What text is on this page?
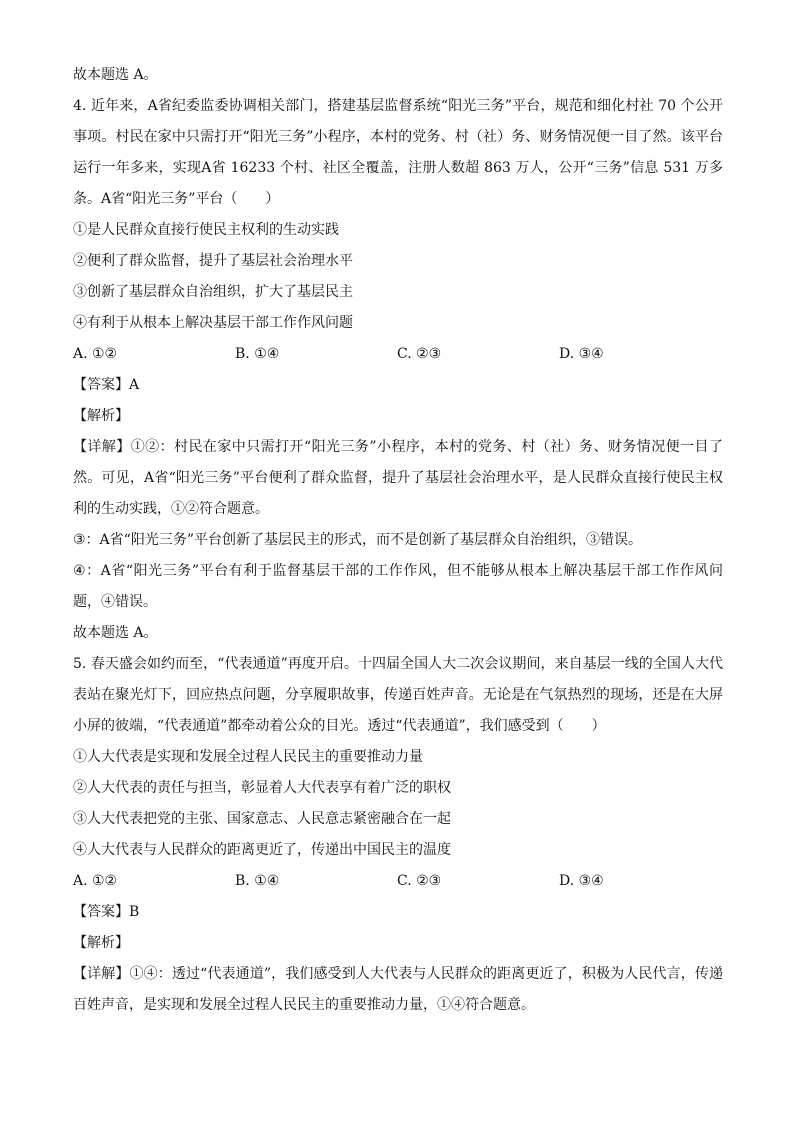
故本题选 A。
4. 近年来，A省纪委监委协调相关部门，搭建基层监督系统“阳光三务”平台，规范和细化村社 70 个公开事项。村民在家中只需打开“阳光三务”小程序，本村的党务、村（社）务、财务情况便一目了然。该平台运行一年多来，实现A省 16233 个村、社区全覆盖，注册人数超 863 万人，公开“三务”信息 531 万多条。A省“阳光三务”平台（　　）
①是人民群众直接行使民主权利的生动实践
②便利了群众监督，提升了基层社会治理水平
③创新了基层群众自治组织，扩大了基层民主
④有利于从根本上解决基层干部工作作风问题
A. ①②	B. ①④	C. ②③	D. ③④
【答案】A
【解析】
【详解】①②：村民在家中只需打开“阳光三务”小程序，本村的党务、村（社）务、财务情况便一目了然。可见，A省“阳光三务”平台便利了群众监督，提升了基层社会治理水平，是人民群众直接行使民主权利的生动实践，①②符合题意。
③：A省“阳光三务”平台创新了基层民主的形式，而不是创新了基层群众自治组织，③错误。
④：A省“阳光三务”平台有利于监督基层干部的工作作风，但不能够从根本上解决基层干部工作作风问题，④错误。
故本题选 A。
5. 春天盛会如约而至，“代表通道”再度开启。十四届全国人大二次会议期间，来自基层一线的全国人大代表站在聚光灯下，回应热点问题，分享履职故事，传递百姓声音。无论是在气氛热烈的现场，还是在大屏小屏的彼端，“代表通道”都牵动着公众的目光。透过“代表通道”，我们感受到（　　）
①人大代表是实现和发展全过程人民民主的重要推动力量
②人大代表的责任与担当，彰显着人大代表享有着广泛的职权
③人大代表把党的主张、国家意志、人民意志紧密融合在一起
④人大代表与人民群众的距离更近了，传递出中国民主的温度
A. ①②	B. ①④	C. ②③	D. ③④
【答案】B
【解析】
【详解】①④：透过“代表通道”，我们感受到人大代表与人民群众的距离更近了，积极为人民代言，传递百姓声音，是实现和发展全过程人民民主的重要推动力量，①④符合题意。
